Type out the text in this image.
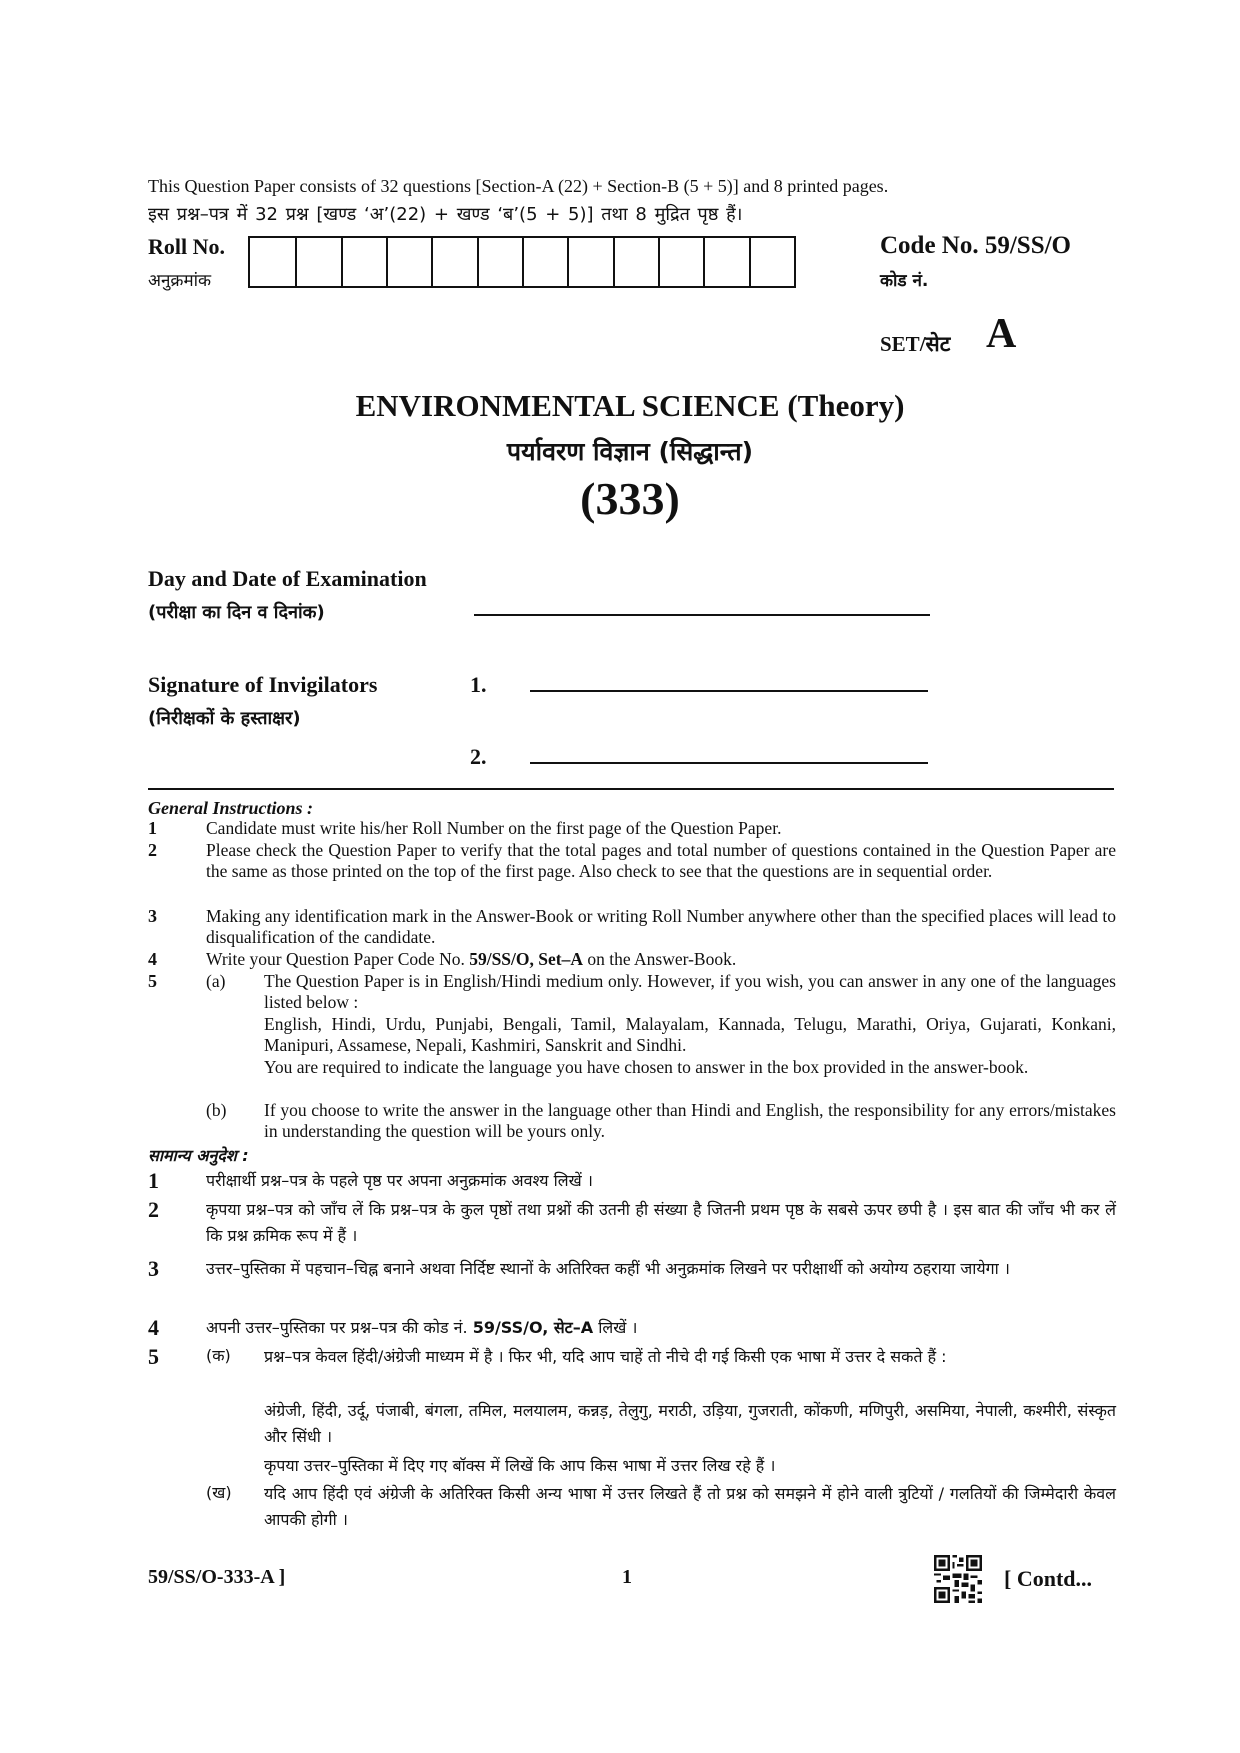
This Question Paper consists of 32 questions [Section-A (22) + Section-B (5 + 5)] and 8 printed pages.
इस प्रश्न–पत्र में 32 प्रश्न [खण्ड ‘अ’(22) + खण्ड ‘ब’(5 + 5)] तथा 8 मुद्रित पृष्ठ हैं।
Roll No.
अनुक्रमांक
Code No. 59/SS/O
कोड नं.
SET/सेट A
ENVIRONMENTAL SCIENCE (Theory)
पर्यावरण विज्ञान (सिद्धान्त)
(333)
Day and Date of Examination
(परीक्षा का दिन व दिनांक)
Signature of Invigilators
(निरीक्षकों के हस्ताक्षर)
1.
2.
General Instructions :
1	Candidate must write his/her Roll Number on the first page of the Question Paper.
2	Please check the Question Paper to verify that the total pages and total number of questions contained in the Question Paper are the same as those printed on the top of the first page. Also check to see that the questions are in sequential order.
3	Making any identification mark in the Answer-Book or writing Roll Number anywhere other than the specified places will lead to disqualification of the candidate.
4	Write your Question Paper Code No. 59/SS/O, Set–A on the Answer-Book.
5	(a) The Question Paper is in English/Hindi medium only. However, if you wish, you can answer in any one of the languages listed below :
English, Hindi, Urdu, Punjabi, Bengali, Tamil, Malayalam, Kannada, Telugu, Marathi, Oriya, Gujarati, Konkani, Manipuri, Assamese, Nepali, Kashmiri, Sanskrit and Sindhi.
You are required to indicate the language you have chosen to answer in the box provided in the answer-book.
(b) If you choose to write the answer in the language other than Hindi and English, the responsibility for any errors/mistakes in understanding the question will be yours only.
सामान्य अनुदेश :
1	परीक्षार्थी प्रश्न–पत्र के पहले पृष्ठ पर अपना अनुक्रमांक अवश्य लिखें ।
2	कृपया प्रश्न–पत्र को जाँच लें कि प्रश्न–पत्र के कुल पृष्ठों तथा प्रश्नों की उतनी ही संख्या है जितनी प्रथम पृष्ठ के सबसे ऊपर छपी है । इस बात की जाँच भी कर लें कि प्रश्न क्रमिक रूप में हैं ।
3	उत्तर–पुस्तिका में पहचान–चिह्न बनाने अथवा निर्दिष्ट स्थानों के अतिरिक्त कहीं भी अनुक्रमांक लिखने पर परीक्षार्थी को अयोग्य ठहराया जायेगा ।
4	अपनी उत्तर–पुस्तिका पर प्रश्न–पत्र की कोड नं. 59/SS/O, सेट–A लिखें ।
5	(क) प्रश्न–पत्र केवल हिंदी/अंग्रेजी माध्यम में है । फिर भी, यदि आप चाहें तो नीचे दी गई किसी एक भाषा में उत्तर दे सकते हैं :
अंग्रेजी, हिंदी, उर्दू, पंजाबी, बंगला, तमिल, मलयालम, कन्नड़, तेलुगु, मराठी, उड़िया, गुजराती, कोंकणी, मणिपुरी, असमिया, नेपाली, कश्मीरी, संस्कृत और सिंधी ।
कृपया उत्तर–पुस्तिका में दिए गए बॉक्स में लिखें कि आप किस भाषा में उत्तर लिख रहे हैं ।
(ख) यदि आप हिंदी एवं अंग्रेजी के अतिरिक्त किसी अन्य भाषा में उत्तर लिखते हैं तो प्रश्न को समझने में होने वाली त्रुटियों / गलतियों की जिम्मेदारी केवल आपकी होगी ।
59/SS/O-333-A ]	1	[ Contd...
